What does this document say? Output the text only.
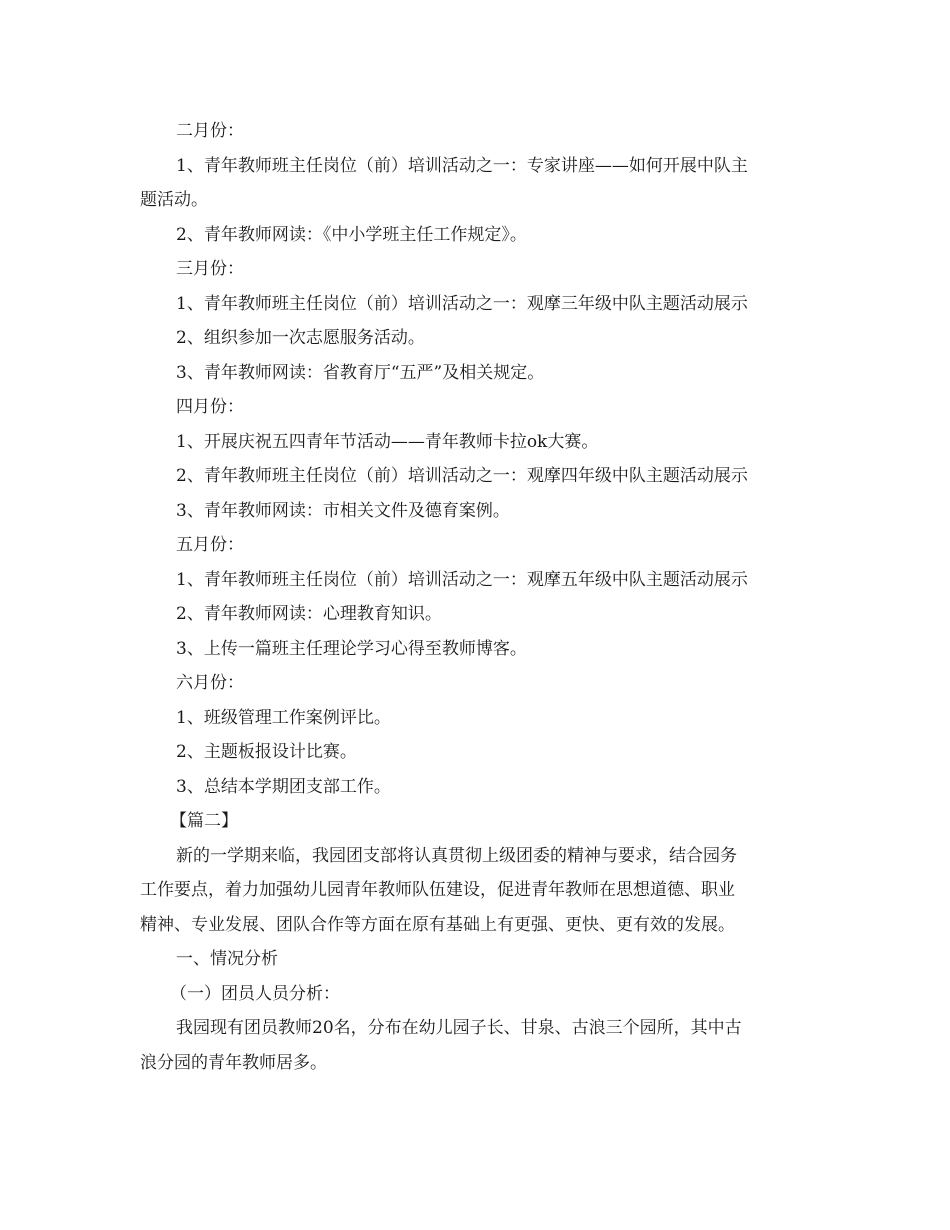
二月份：
1、青年教师班主任岗位（前）培训活动之一：专家讲座——如何开展中队主
题活动。
2、青年教师网读：《中小学班主任工作规定》。
三月份：
1、青年教师班主任岗位（前）培训活动之一：观摩三年级中队主题活动展示
2、组织参加一次志愿服务活动。
3、青年教师网读：省教育厅“五严”及相关规定。
四月份：
1、开展庆祝五四青年节活动——青年教师卡拉ok大赛。
2、青年教师班主任岗位（前）培训活动之一：观摩四年级中队主题活动展示
3、青年教师网读：市相关文件及德育案例。
五月份：
1、青年教师班主任岗位（前）培训活动之一：观摩五年级中队主题活动展示
2、青年教师网读：心理教育知识。
3、上传一篇班主任理论学习心得至教师博客。
六月份：
1、班级管理工作案例评比。
2、主题板报设计比赛。
3、总结本学期团支部工作。
【篇二】
新的一学期来临，我园团支部将认真贯彻上级团委的精神与要求，结合园务
工作要点，着力加强幼儿园青年教师队伍建设，促进青年教师在思想道德、职业
精神、专业发展、团队合作等方面在原有基础上有更强、更快、更有效的发展。
一、情况分析
（一）团员人员分析：
我园现有团员教师20名，分布在幼儿园子长、甘泉、古浪三个园所，其中古
浪分园的青年教师居多。
